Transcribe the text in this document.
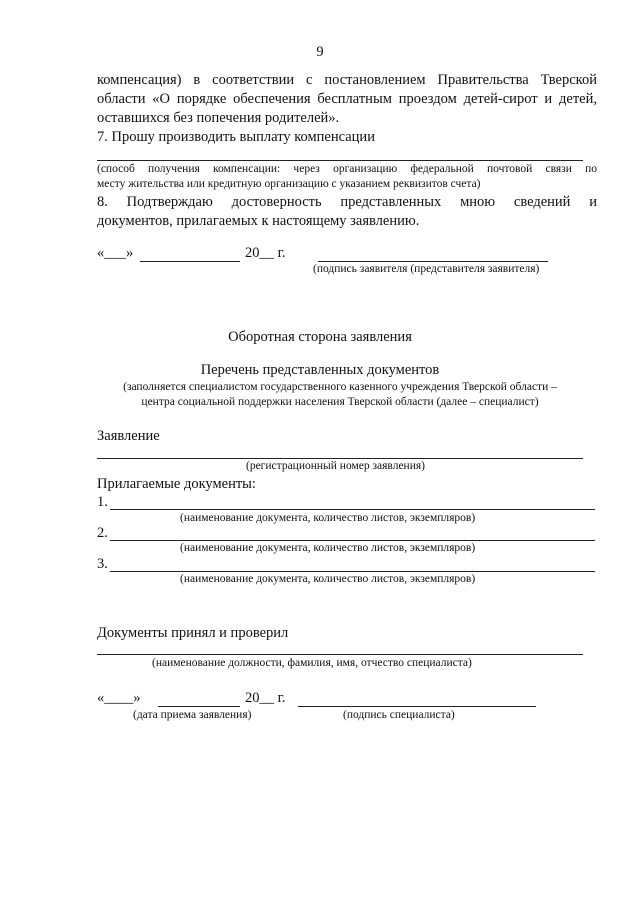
9
компенсация) в соответствии с постановлением Правительства Тверской
области «О порядке обеспечения бесплатным проездом детей-сирот и детей,
оставшихся без попечения родителей».
7. Прошу производить выплату компенсации
(способ получения компенсации: через организацию федеральной почтовой связи по
месту жительства или кредитную организацию с указанием реквизитов счета)
8. Подтверждаю достоверность представленных мною сведений и
документов, прилагаемых к настоящему заявлению.
«___»	20__ г.
(подпись заявителя (представителя заявителя)
Оборотная сторона заявления
Перечень представленных документов
(заполняется специалистом государственного казенного учреждения Тверской области –
центра социальной поддержки населения Тверской области (далее – специалист)
Заявление
(регистрационный номер заявления)
Прилагаемые документы:
1.
(наименование документа, количество листов, экземпляров)
2.
(наименование документа, количество листов, экземпляров)
3.
(наименование документа, количество листов, экземпляров)
Документы принял и проверил
(наименование должности, фамилия, имя, отчество специалиста)
«____»	20__ г.
(дата приема заявления)	(подпись специалиста)
